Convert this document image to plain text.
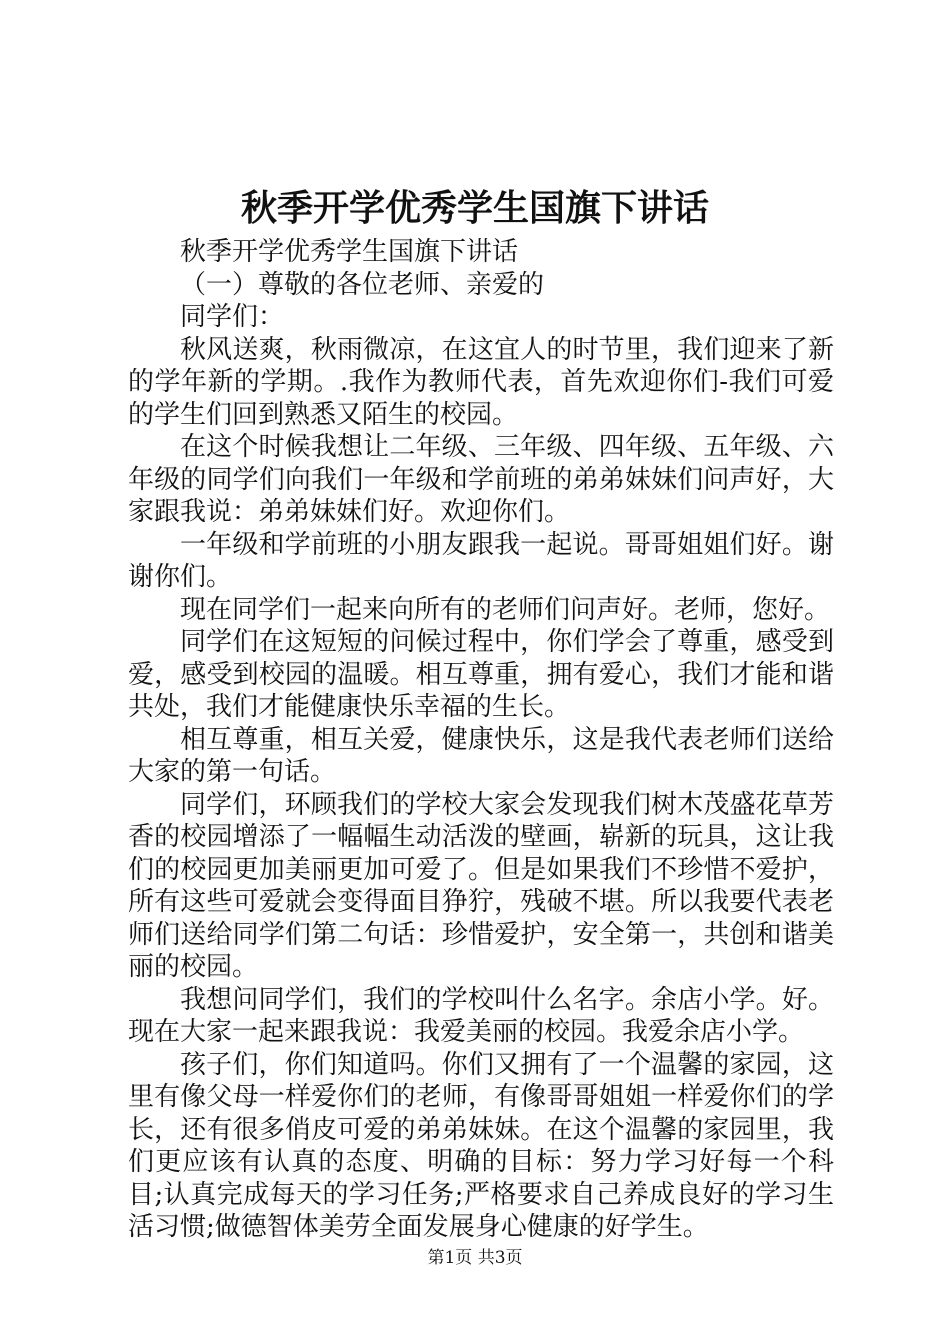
秋季开学优秀学生国旗下讲话

秋季开学优秀学生国旗下讲话

（一）尊敬的各位老师、亲爱的

同学们：

秋风送爽，秋雨微凉，在这宜人的时节里，我们迎来了新的学年新的学期。.我作为教师代表，首先欢迎你们-我们可爱的学生们回到熟悉又陌生的校园。

在这个时候我想让二年级、三年级、四年级、五年级、六年级的同学们向我们一年级和学前班的弟弟妹妹们问声好，大家跟我说：弟弟妹妹们好。欢迎你们。

一年级和学前班的小朋友跟我一起说。哥哥姐姐们好。谢谢你们。

现在同学们一起来向所有的老师们问声好。老师，您好。

同学们在这短短的问候过程中，你们学会了尊重，感受到爱，感受到校园的温暖。相互尊重，拥有爱心，我们才能和谐共处，我们才能健康快乐幸福的生长。

相互尊重，相互关爱，健康快乐，这是我代表老师们送给大家的第一句话。

同学们，环顾我们的学校大家会发现我们树木茂盛花草芳香的校园增添了一幅幅生动活泼的壁画，崭新的玩具，这让我们的校园更加美丽更加可爱了。但是如果我们不珍惜不爱护，所有这些可爱就会变得面目狰狞，残破不堪。所以我要代表老师们送给同学们第二句话：珍惜爱护，安全第一，共创和谐美丽的校园。

我想问同学们，我们的学校叫什么名字。余店小学。好。现在大家一起来跟我说：我爱美丽的校园。我爱余店小学。

孩子们，你们知道吗。你们又拥有了一个温馨的家园，这里有像父母一样爱你们的老师，有像哥哥姐姐一样爱你们的学长，还有很多俏皮可爱的弟弟妹妹。在这个温馨的家园里，我们更应该有认真的态度、明确的目标：努力学习好每一个科目;认真完成每天的学习任务;严格要求自己养成良好的学习生活习惯;做德智体美劳全面发展身心健康的好学生。

第1页 共3页
